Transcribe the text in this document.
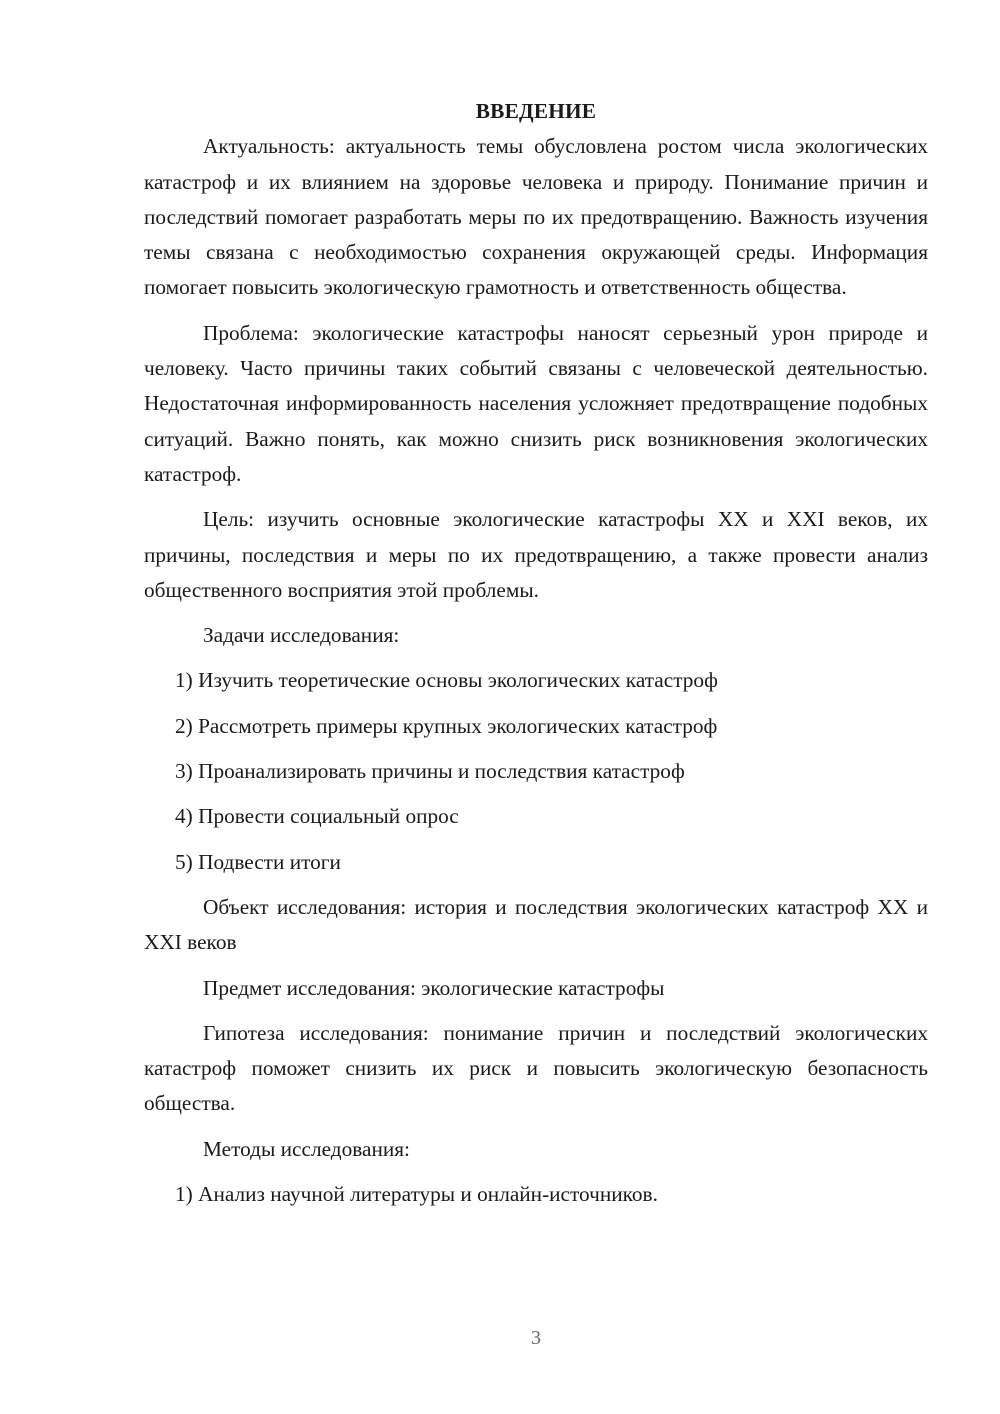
ВВЕДЕНИЕ

Актуальность: актуальность темы обусловлена ростом числа экологических катастроф и их влиянием на здоровье человека и природу. Понимание причин и последствий помогает разработать меры по их предотвращению. Важность изучения темы связана с необходимостью сохранения окружающей среды. Информация помогает повысить экологическую грамотность и ответственность общества.

Проблема: экологические катастрофы наносят серьезный урон природе и человеку. Часто причины таких событий связаны с человеческой деятельностью. Недостаточная информированность населения усложняет предотвращение подобных ситуаций. Важно понять, как можно снизить риск возникновения экологических катастроф.

Цель: изучить основные экологические катастрофы XX и XXI веков, их причины, последствия и меры по их предотвращению, а также провести анализ общественного восприятия этой проблемы.

Задачи исследования:

1) Изучить теоретические основы экологических катастроф

2) Рассмотреть примеры крупных экологических катастроф

3) Проанализировать причины и последствия катастроф

4) Провести социальный опрос

5) Подвести итоги

Объект исследования: история и последствия экологических катастроф XX и XXI веков

Предмет исследования: экологические катастрофы

Гипотеза исследования: понимание причин и последствий экологических катастроф поможет снизить их риск и повысить экологическую безопасность общества.

Методы исследования:

1) Анализ научной литературы и онлайн-источников.

3
